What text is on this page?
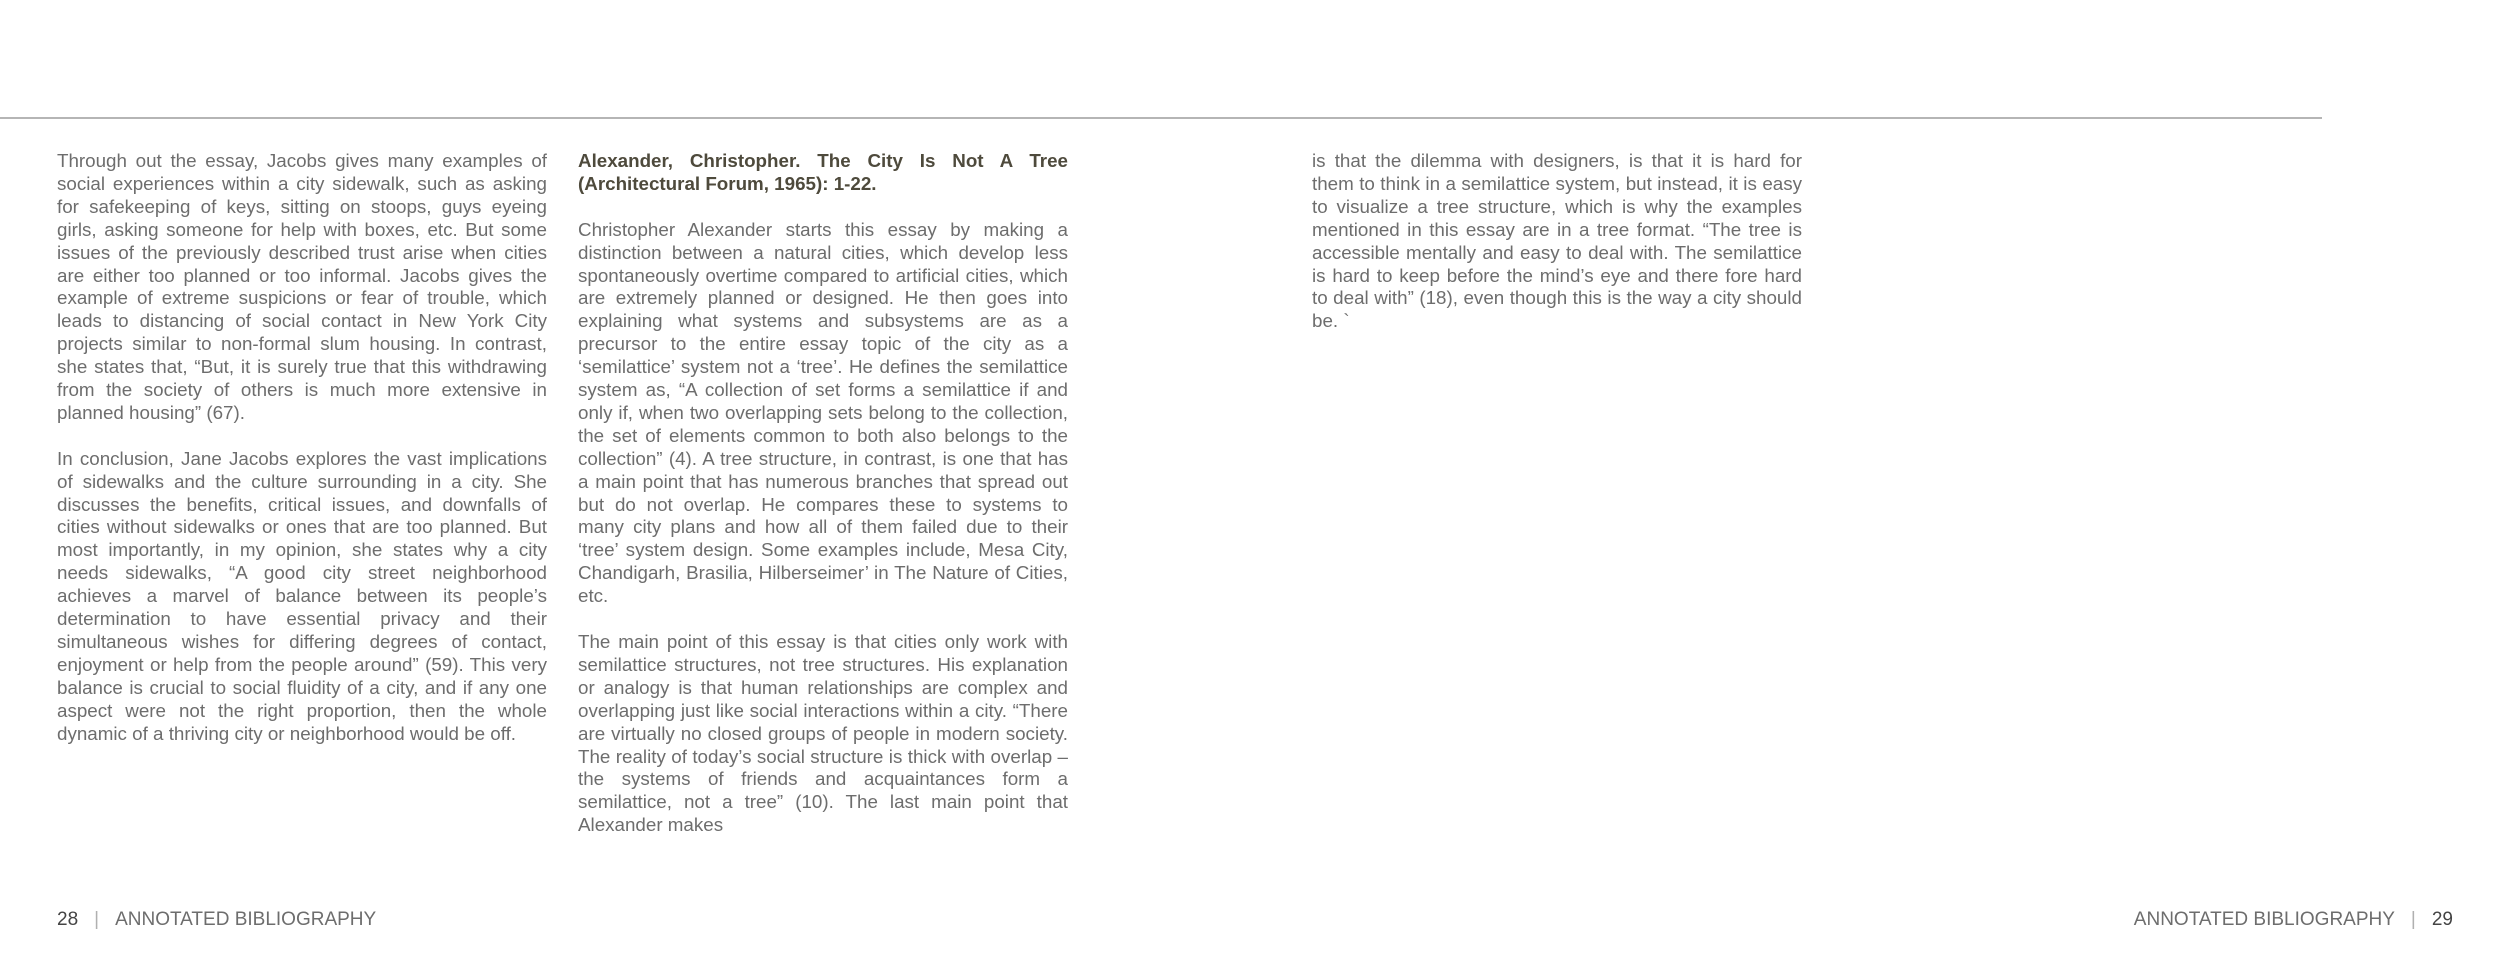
Through out the essay, Jacobs gives many examples of social experiences within a city sidewalk, such as asking for safekeeping of keys, sitting on stoops, guys eyeing girls, asking someone for help with boxes, etc. But some issues of the previously described trust arise when cities are either too planned or too informal. Jacobs gives the example of extreme suspicions or fear of trouble, which leads to distancing of social contact in New York City projects similar to non-formal slum housing. In contrast, she states that, “But, it is surely true that this withdrawing from the society of others is much more extensive in planned housing” (67).

In conclusion, Jane Jacobs explores the vast implications of sidewalks and the culture surrounding in a city. She discusses the benefits, critical issues, and downfalls of cities without sidewalks or ones that are too planned. But most importantly, in my opinion, she states why a city needs sidewalks, “A good city street neighborhood achieves a marvel of balance between its people’s determination to have essential privacy and their simultaneous wishes for differing degrees of contact, enjoyment or help from the people around” (59). This very balance is crucial to social fluidity of a city, and if any one aspect were not the right proportion, then the whole dynamic of a thriving city or neighborhood would be off.

Alexander, Christopher. The City Is Not A Tree (Architectural Forum, 1965): 1-22.

Christopher Alexander starts this essay by making a distinction between a natural cities, which develop less spontaneously overtime compared to artificial cities, which are extremely planned or designed. He then goes into explaining what systems and subsystems are as a precursor to the entire essay topic of the city as a ‘semilattice’ system not a ‘tree’. He defines the semilattice system as, “A collection of set forms a semilattice if and only if, when two overlapping sets belong to the collection, the set of elements common to both also belongs to the collection” (4). A tree structure, in contrast, is one that has a main point that has numerous branches that spread out but do not overlap. He compares these to systems to many city plans and how all of them failed due to their ‘tree’ system design. Some examples include, Mesa City, Chandigarh, Brasilia, Hilberseimer’ in The Nature of Cities, etc.

The main point of this essay is that cities only work with semilattice structures, not tree structures. His explanation or analogy is that human relationships are complex and overlapping just like social interactions within a city. “There are virtually no closed groups of people in modern society. The reality of today’s social structure is thick with overlap – the systems of friends and acquaintances form a semilattice, not a tree” (10). The last main point that Alexander makes

is that the dilemma with designers, is that it is hard for them to think in a semilattice system, but instead, it is easy to visualize a tree structure, which is why the examples mentioned in this essay are in a tree format. “The tree is accessible mentally and easy to deal with. The semilattice is hard to keep before the mind’s eye and there fore hard to deal with” (18), even though this is the way a city should be. `

28 | ANNOTATED BIBLIOGRAPHY	ANNOTATED BIBLIOGRAPHY | 29
